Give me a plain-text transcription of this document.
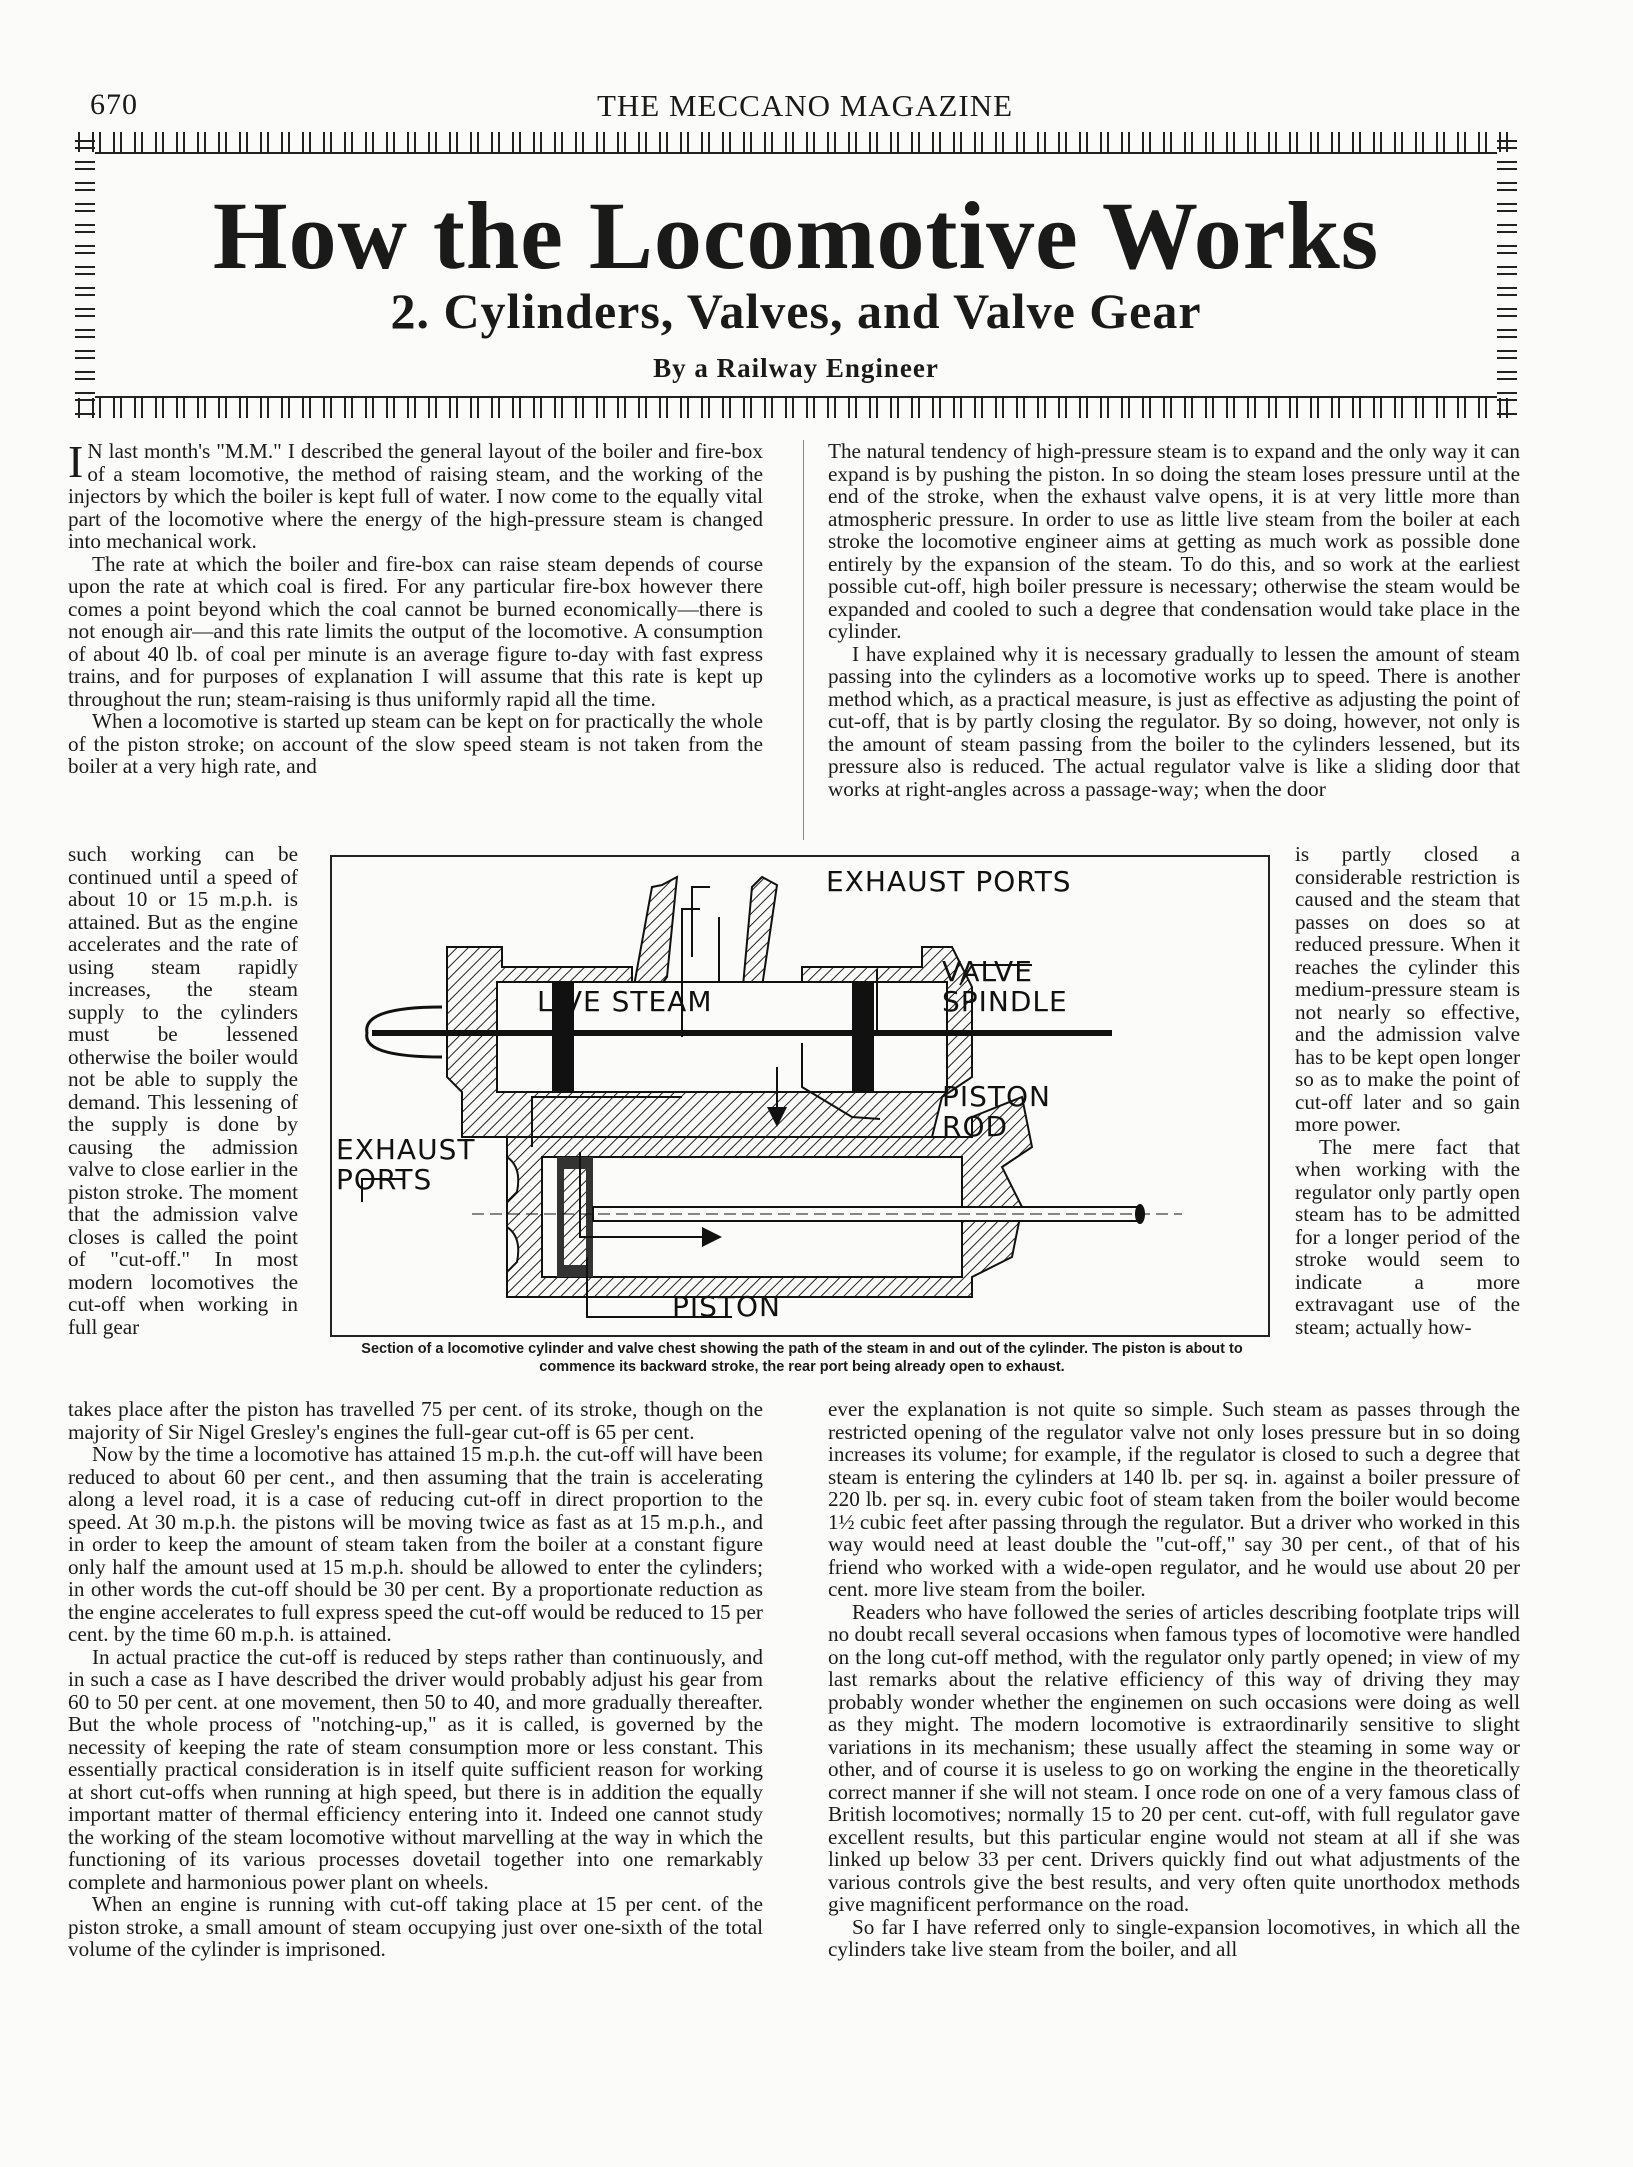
670	THE MECCANO MAGAZINE
How the Locomotive Works
2. Cylinders, Valves, and Valve Gear
By a Railway Engineer

I N last month's "M.M." I described the general layout of the boiler and fire-box of a steam locomotive, the method of raising steam, and the working of the injectors by which the boiler is kept full of water. I now come to the equally vital part of the locomotive where the energy of the high-pressure steam is changed into mechanical work.

The rate at which the boiler and fire-box can raise steam depends of course upon the rate at which coal is fired. For any particular fire-box however there comes a point beyond which the coal cannot be burned economically—there is not enough air—and this rate limits the output of the locomotive. A consumption of about 40 lb. of coal per minute is an average figure to-day with fast express trains, and for purposes of explanation I will assume that this rate is kept up throughout the run; steam-raising is thus uniformly rapid all the time.

When a locomotive is started up steam can be kept on for practically the whole of the piston stroke; on account of the slow speed steam is not taken from the boiler at a very high rate, and

such working can be continued until a speed of about 10 or 15 m.p.h. is attained. But as the engine accelerates and the rate of using steam rapidly increases, the steam supply to the cylinders must be lessened otherwise the boiler would not be able to supply the demand. This lessening of the supply is done by causing the admission valve to close earlier in the piston stroke. The moment that the admission valve closes is called the point of "cut-off." In most modern locomotives the cut-off when working in full gear

takes place after the piston has travelled 75 per cent. of its stroke, though on the majority of Sir Nigel Gresley's engines the full-gear cut-off is 65 per cent.

Now by the time a locomotive has attained 15 m.p.h. the cut-off will have been reduced to about 60 per cent., and then assuming that the train is accelerating along a level road, it is a case of reducing cut-off in direct proportion to the speed. At 30 m.p.h. the pistons will be moving twice as fast as at 15 m.p.h., and in order to keep the amount of steam taken from the boiler at a constant figure only half the amount used at 15 m.p.h. should be allowed to enter the cylinders; in other words the cut-off should be 30 per cent. By a proportionate reduction as the engine accelerates to full express speed the cut-off would be reduced to 15 per cent. by the time 60 m.p.h. is attained.

In actual practice the cut-off is reduced by steps rather than continuously, and in such a case as I have described the driver would probably adjust his gear from 60 to 50 per cent. at one movement, then 50 to 40, and more gradually thereafter. But the whole process of "notching-up," as it is called, is governed by the necessity of keeping the rate of steam consumption more or less constant. This essentially practical consideration is in itself quite sufficient reason for working at short cut-offs when running at high speed, but there is in addition the equally important matter of thermal efficiency entering into it. Indeed one cannot study the working of the steam locomotive without marvelling at the way in which the functioning of its various processes dovetail together into one remarkably complete and harmonious power plant on wheels.

When an engine is running with cut-off taking place at 15 per cent. of the piston stroke, a small amount of steam occupying just over one-sixth of the total volume of the cylinder is imprisoned.

The natural tendency of high-pressure steam is to expand and the only way it can expand is by pushing the piston. In so doing the steam loses pressure until at the end of the stroke, when the exhaust valve opens, it is at very little more than atmospheric pressure. In order to use as little live steam from the boiler at each stroke the locomotive engineer aims at getting as much work as possible done entirely by the expansion of the steam. To do this, and so work at the earliest possible cut-off, high boiler pressure is necessary; otherwise the steam would be expanded and cooled to such a degree that condensation would take place in the cylinder.

I have explained why it is necessary gradually to lessen the amount of steam passing into the cylinders as a locomotive works up to speed. There is another method which, as a practical measure, is just as effective as adjusting the point of cut-off, that is by partly closing the regulator. By so doing, however, not only is the amount of steam passing from the boiler to the cylinders lessened, but its pressure also is reduced. The actual regulator valve is like a sliding door that works at right-angles across a passage-way; when the door

is partly closed a considerable restriction is caused and the steam that passes on does so at reduced pressure. When it reaches the cylinder this medium-pressure steam is not nearly so effective, and the admission valve has to be kept open longer so as to make the point of cut-off later and so gain more power.

The mere fact that when working with the regulator only partly open steam has to be admitted for a longer period of the stroke would seem to indicate a more extravagant use of the steam; actually how-

ever the explanation is not quite so simple. Such steam as passes through the restricted opening of the regulator valve not only loses pressure but in so doing increases its volume; for example, if the regulator is closed to such a degree that steam is entering the cylinders at 140 lb. per sq. in. against a boiler pressure of 220 lb. per sq. in. every cubic foot of steam taken from the boiler would become 1½ cubic feet after passing through the regulator. But a driver who worked in this way would need at least double the "cut-off," say 30 per cent., of that of his friend who worked with a wide-open regulator, and he would use about 20 per cent. more live steam from the boiler.

Readers who have followed the series of articles describing footplate trips will no doubt recall several occasions when famous types of locomotive were handled on the long cut-off method, with the regulator only partly opened; in view of my last remarks about the relative efficiency of this way of driving they may probably wonder whether the enginemen on such occasions were doing as well as they might. The modern locomotive is extraordinarily sensitive to slight variations in its mechanism; these usually affect the steaming in some way or other, and of course it is useless to go on working the engine in the theoretically correct manner if she will not steam. I once rode on one of a very famous class of British locomotives; normally 15 to 20 per cent. cut-off, with full regulator gave excellent results, but this particular engine would not steam at all if she was linked up below 33 per cent. Drivers quickly find out what adjustments of the various controls give the best results, and very often quite unorthodox methods give magnificent performance on the road.

So far I have referred only to single-expansion locomotives, in which all the cylinders take live steam from the boiler, and all

EXHAUST PORTS
LIVE STEAM
VALVE SPINDLE
PISTON ROD
EXHAUST PORTS
PISTON
Section of a locomotive cylinder and valve chest showing the path of the steam in and out of the cylinder. The piston is about to commence its backward stroke, the rear port being already open to exhaust.
